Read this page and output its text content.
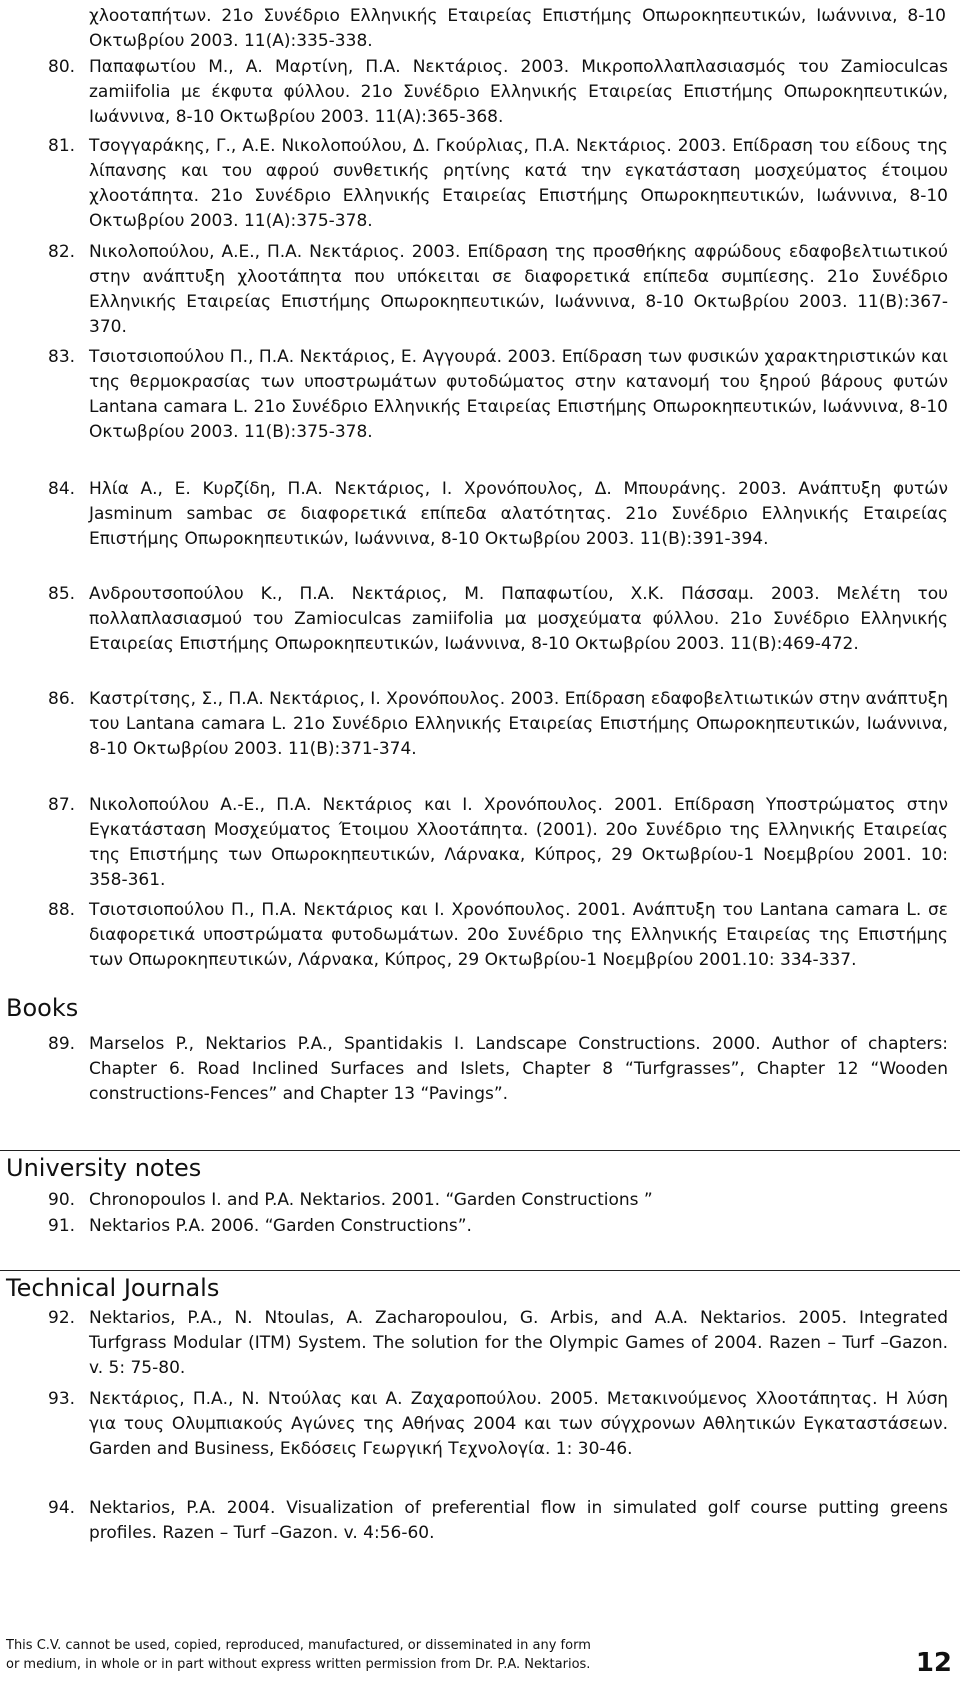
χλοοταπήτων. 21ο Συνέδριο Ελληνικής Εταιρείας Επιστήμης Οπωροκηπευτικών, Ιωάννινα, 8-10 Οκτωβρίου 2003. 11(Α):335-338.
80. Παπαφωτίου Μ., Α. Μαρτίνη, Π.Α. Νεκτάριος. 2003. Μικροπολλαπλασιασμός του Zamioculcas zamiifolia με έκφυτα φύλλου. 21ο Συνέδριο Ελληνικής Εταιρείας Επιστήμης Οπωροκηπευτικών, Ιωάννινα, 8-10 Οκτωβρίου 2003. 11(Α):365-368.
81. Τσογγαράκης, Γ., Α.Ε. Νικολοπούλου, Δ. Γκούρλιας, Π.Α. Νεκτάριος. 2003. Επίδραση του είδους της λίπανσης και του αφρού συνθετικής ρητίνης κατά την εγκατάσταση μοσχεύματος έτοιμου χλοοτάπητα. 21ο Συνέδριο Ελληνικής Εταιρείας Επιστήμης Οπωροκηπευτικών, Ιωάννινα, 8-10 Οκτωβρίου 2003. 11(Α):375-378.
82. Νικολοπούλου, Α.Ε., Π.Α. Νεκτάριος. 2003. Επίδραση της προσθήκης αφρώδους εδαφοβελτιωτικού στην ανάπτυξη χλοοτάπητα που υπόκειται σε διαφορετικά επίπεδα συμπίεσης. 21ο Συνέδριο Ελληνικής Εταιρείας Επιστήμης Οπωροκηπευτικών, Ιωάννινα, 8-10 Οκτωβρίου 2003. 11(Β):367-370.
83. Τσιοτσιοπούλου Π., Π.Α. Νεκτάριος, Ε. Αγγουρά. 2003. Επίδραση των φυσικών χαρακτηριστικών και της θερμοκρασίας των υποστρωμάτων φυτοδώματος στην κατανομή του ξηρού βάρους φυτών Lantana camara L. 21ο Συνέδριο Ελληνικής Εταιρείας Επιστήμης Οπωροκηπευτικών, Ιωάννινα, 8-10 Οκτωβρίου 2003. 11(Β):375-378.
84. Ηλία Α., Ε. Κυρζίδη, Π.Α. Νεκτάριος, Ι. Χρονόπουλος, Δ. Μπουράνης. 2003. Ανάπτυξη φυτών Jasminum sambac σε διαφορετικά επίπεδα αλατότητας. 21ο Συνέδριο Ελληνικής Εταιρείας Επιστήμης Οπωροκηπευτικών, Ιωάννινα, 8-10 Οκτωβρίου 2003. 11(Β):391-394.
85. Ανδρουτσοπούλου Κ., Π.Α. Νεκτάριος, Μ. Παπαφωτίου, Χ.Κ. Πάσσαμ. 2003. Μελέτη του πολλαπλασιασμού του Zamioculcas zamiifolia μα μοσχεύματα φύλλου. 21ο Συνέδριο Ελληνικής Εταιρείας Επιστήμης Οπωροκηπευτικών, Ιωάννινα, 8-10 Οκτωβρίου 2003. 11(Β):469-472.
86. Καστρίτσης, Σ., Π.Α. Νεκτάριος, Ι. Χρονόπουλος. 2003. Επίδραση εδαφοβελτιωτικών στην ανάπτυξη του Lantana camara L. 21ο Συνέδριο Ελληνικής Εταιρείας Επιστήμης Οπωροκηπευτικών, Ιωάννινα, 8-10 Οκτωβρίου 2003. 11(Β):371-374.
87. Νικολοπούλου Α.-Ε., Π.Α. Νεκτάριος και Ι. Χρονόπουλος. 2001. Επίδραση Υποστρώματος στην Εγκατάσταση Μοσχεύματος Έτοιμου Χλοοτάπητα. (2001). 20ο Συνέδριο της Ελληνικής Εταιρείας της Επιστήμης των Οπωροκηπευτικών, Λάρνακα, Κύπρος, 29 Οκτωβρίου-1 Νοεμβρίου 2001. 10: 358-361.
88. Τσιοτσιοπούλου Π., Π.Α. Νεκτάριος και Ι. Χρονόπουλος. 2001. Ανάπτυξη του Lantana camara L. σε διαφορετικά υποστρώματα φυτοδωμάτων. 20ο Συνέδριο της Ελληνικής Εταιρείας της Επιστήμης των Οπωροκηπευτικών, Λάρνακα, Κύπρος, 29 Οκτωβρίου-1 Νοεμβρίου 2001.10: 334-337.
Books
89. Marselos P., Nektarios P.A., Spantidakis I. Landscape Constructions. 2000. Author of chapters: Chapter 6. Road Inclined Surfaces and Islets, Chapter 8 “Turfgrasses”, Chapter 12 “Wooden constructions-Fences” and Chapter 13 “Pavings”.
University notes
90. Chronopoulos I. and P.A. Nektarios. 2001. “Garden Constructions ”
91. Nektarios P.A. 2006. “Garden Constructions”.
Technical Journals
92. Nektarios, P.A., N. Ntoulas, A. Zacharopoulou, G. Arbis, and A.A. Nektarios. 2005. Integrated Turfgrass Modular (ITM) System. The solution for the Olympic Games of 2004. Razen – Turf –Gazon. v. 5: 75-80.
93. Νεκτάριος, Π.Α., Ν. Ντούλας και Α. Ζαχαροπούλου. 2005. Μετακινούμενος Χλοοτάπητας. Η λύση για τους Ολυμπιακούς Αγώνες της Αθήνας 2004 και των σύγχρονων Αθλητικών Εγκαταστάσεων. Garden and Business, Εκδόσεις Γεωργική Τεχνολογία. 1: 30-46.
94. Nektarios, P.A. 2004. Visualization of preferential flow in simulated golf course putting greens profiles. Razen – Turf –Gazon. v. 4:56-60.
This C.V. cannot be used, copied, reproduced, manufactured, or disseminated in any form
or medium, in whole or in part without express written permission from Dr. P.A. Nektarios.	12
